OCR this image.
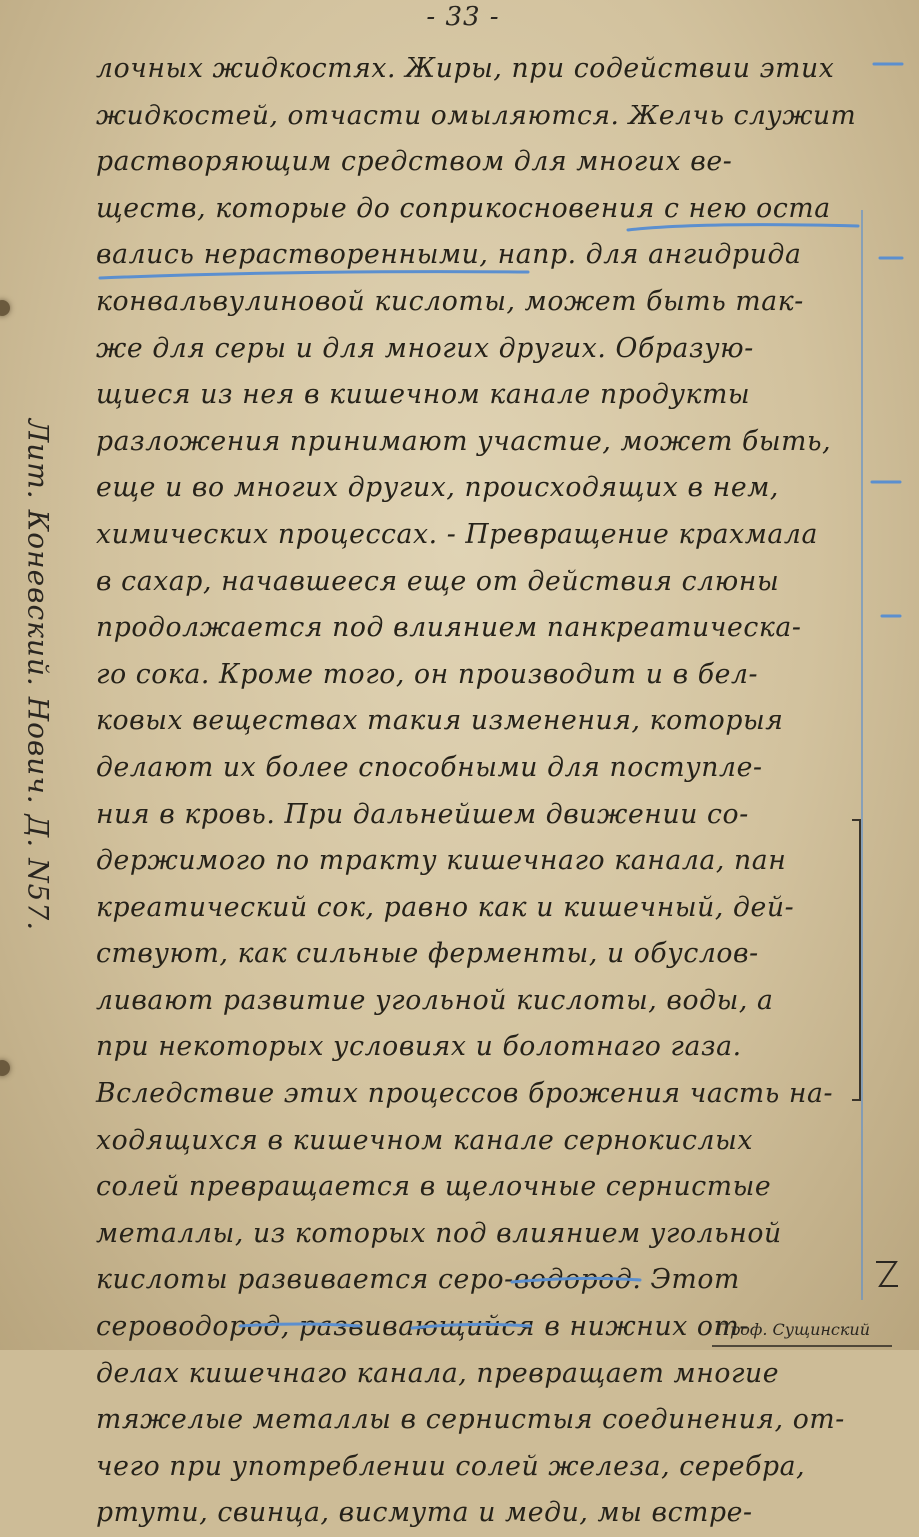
- 33 -
лочных жидкостях. Жиры, при содействии этих
жидкостей, отчасти омыляются. Желчь служит
растворяющим средством для многих ве-
ществ, которые до соприкосновения с нею оста
вались нерастворенными, напр. для ангидрида
конвальвулиновой кислоты, может быть так-
же для серы и для многих других. Образую-
щиеся из нея в кишечном канале продукты
разложения принимают участие, может быть,
еще и во многих других, происходящих в нем,
химических процессах. - Превращение крахмала
в сахар, начавшееся еще от действия слюны
продолжается под влиянием панкреатическа-
го сока. Кроме того, он производит и в бел-
ковых веществах такия изменения, которыя
делают их более способными для поступле-
ния в кровь. При дальнейшем движении со-
держимого по тракту кишечнаго канала, пан
креатический сок, равно как и кишечный, дей-
ствуют, как сильные ферменты, и обуслов-
ливают развитие угольной кислоты, воды, а
при некоторых условиях и болотнаго газа.
Вследствие этих процессов брожения часть на-
ходящихся в кишечном канале сернокислых
солей превращается в щелочные сернистые
металлы, из которых под влиянием угольной
кислоты развивается серо-водород. Этот
сероводород, развивающийся в нижних от-
делах кишечнаго канала, превращает многие
тяжелые металлы в сернистыя соединения, от-
чего при употреблении солей железа, серебра,
ртути, свинца, висмута и меди, мы встре-
Лит. Коневский. Нович. Д. N57.
Проф. Сущинский
